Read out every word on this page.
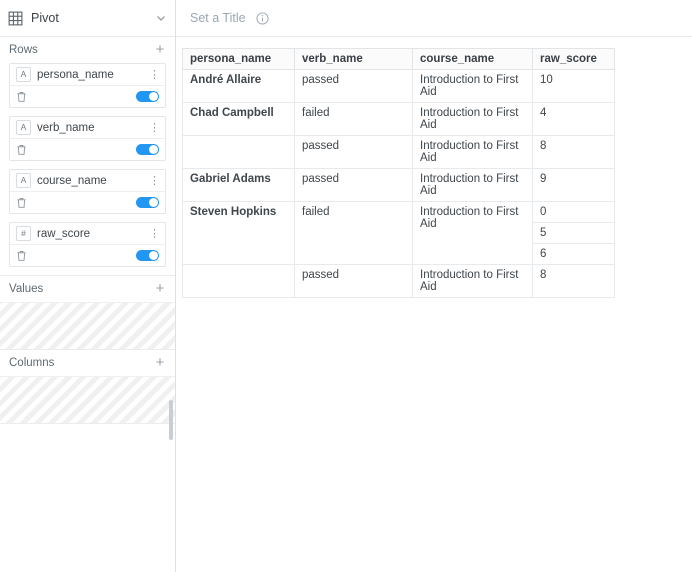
Pivot
Rows	+
A persona_name	⋮
A verb_name	⋮
A course_name	⋮
# raw_score	⋮
Values	+
Columns	+
Set a Title
persona_name	verb_name	course_name	raw_score
André Allaire	passed	Introduction to First Aid	10
Chad Campbell	failed	Introduction to First Aid	4
	passed	Introduction to First Aid	8
Gabriel Adams	passed	Introduction to First Aid	9
Steven Hopkins	failed	Introduction to First Aid	0
			5
			6
	passed	Introduction to First Aid	8
